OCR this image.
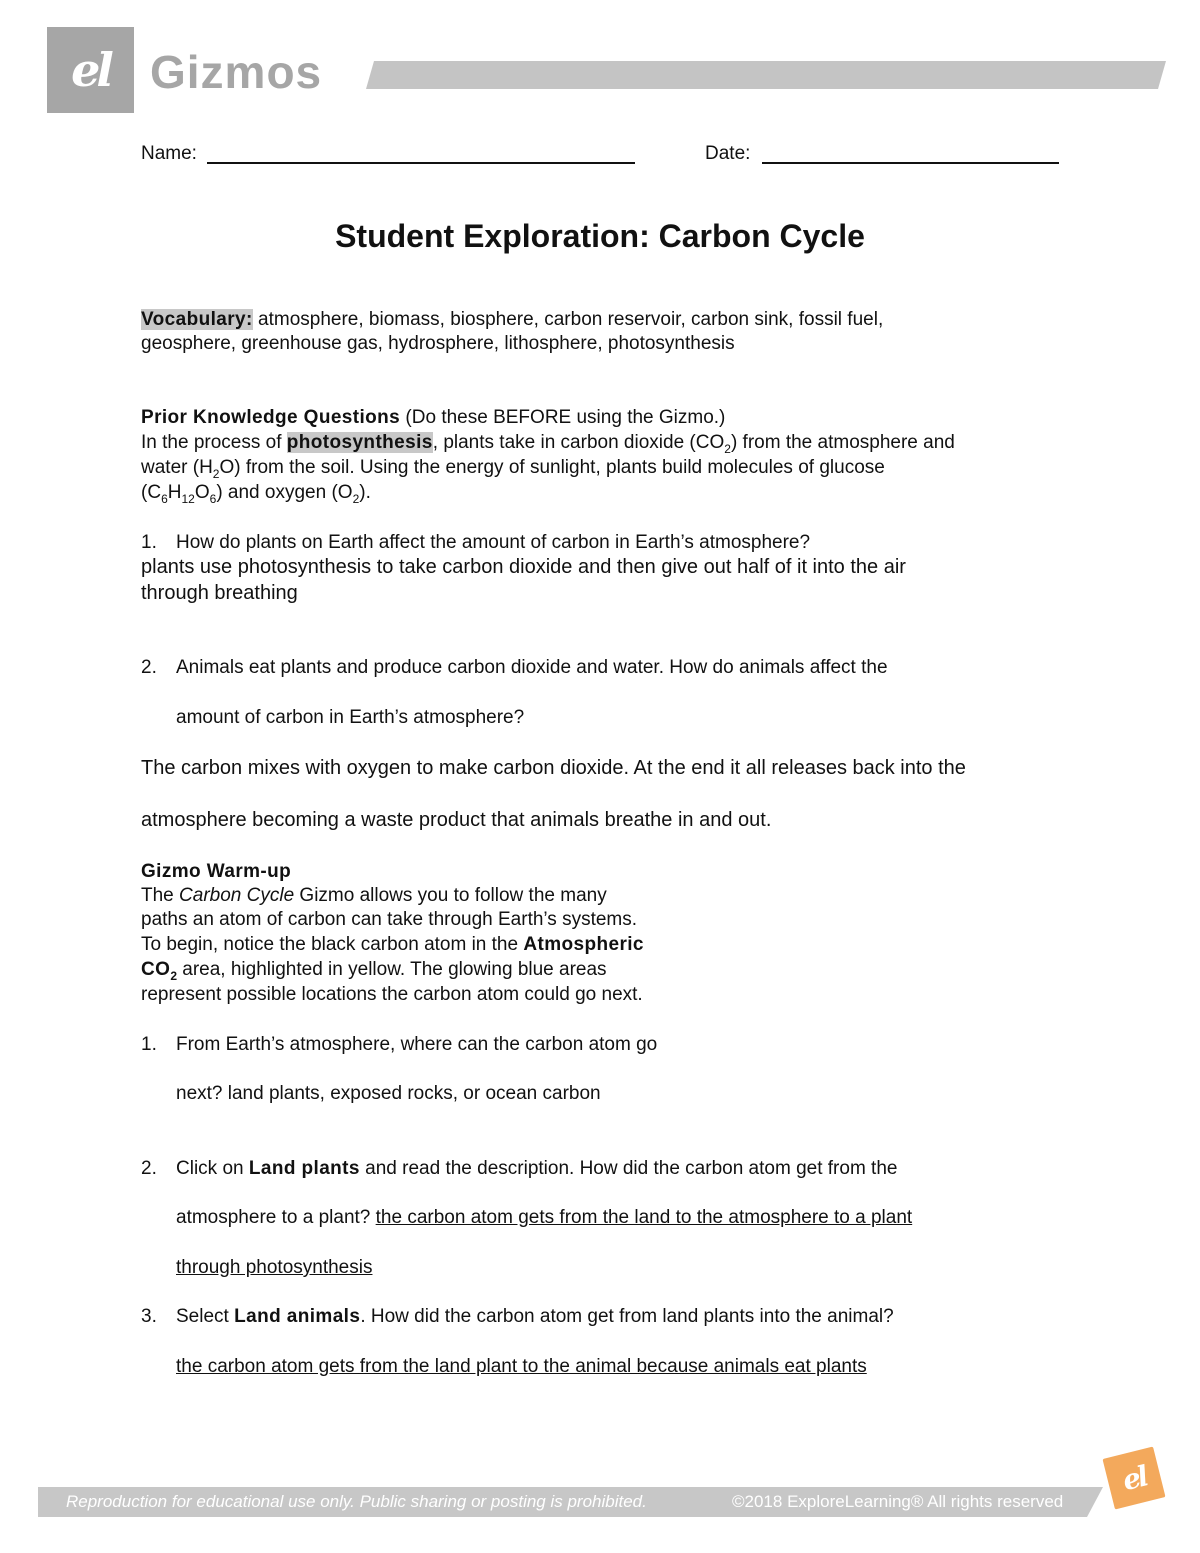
el Gizmos
Name:	Date:
Student Exploration: Carbon Cycle
Vocabulary: atmosphere, biomass, biosphere, carbon reservoir, carbon sink, fossil fuel,
geosphere, greenhouse gas, hydrosphere, lithosphere, photosynthesis
Prior Knowledge Questions (Do these BEFORE using the Gizmo.)
In the process of photosynthesis, plants take in carbon dioxide $(CO_2)$ from the atmosphere and
water $(H_2O)$ from the soil. Using the energy of sunlight, plants build molecules of glucose
$(C_6H_{12}O_6)$ and oxygen $(O_2)$.
1. How do plants on Earth affect the amount of carbon in Earth’s atmosphere?
plants use photosynthesis to take carbon dioxide and then give out half of it into the air
through breathing
2. Animals eat plants and produce carbon dioxide and water. How do animals affect the
amount of carbon in Earth’s atmosphere?
The carbon mixes with oxygen to make carbon dioxide. At the end it all releases back into the
atmosphere becoming a waste product that animals breathe in and out.
Gizmo Warm-up
The Carbon Cycle Gizmo allows you to follow the many
paths an atom of carbon can take through Earth’s systems.
To begin, notice the black carbon atom in the Atmospheric
$CO_2$ area, highlighted in yellow. The glowing blue areas
represent possible locations the carbon atom could go next.
1. From Earth’s atmosphere, where can the carbon atom go
next? land plants, exposed rocks, or ocean carbon
2. Click on Land plants and read the description. How did the carbon atom get from the
atmosphere to a plant? the carbon atom gets from the land to the atmosphere to a plant
through photosynthesis
3. Select Land animals. How did the carbon atom get from land plants into the animal?
the carbon atom gets from the land plant to the animal because animals eat plants
Reproduction for educational use only. Public sharing or posting is prohibited.	©2018 ExploreLearning® All rights reserved
el
